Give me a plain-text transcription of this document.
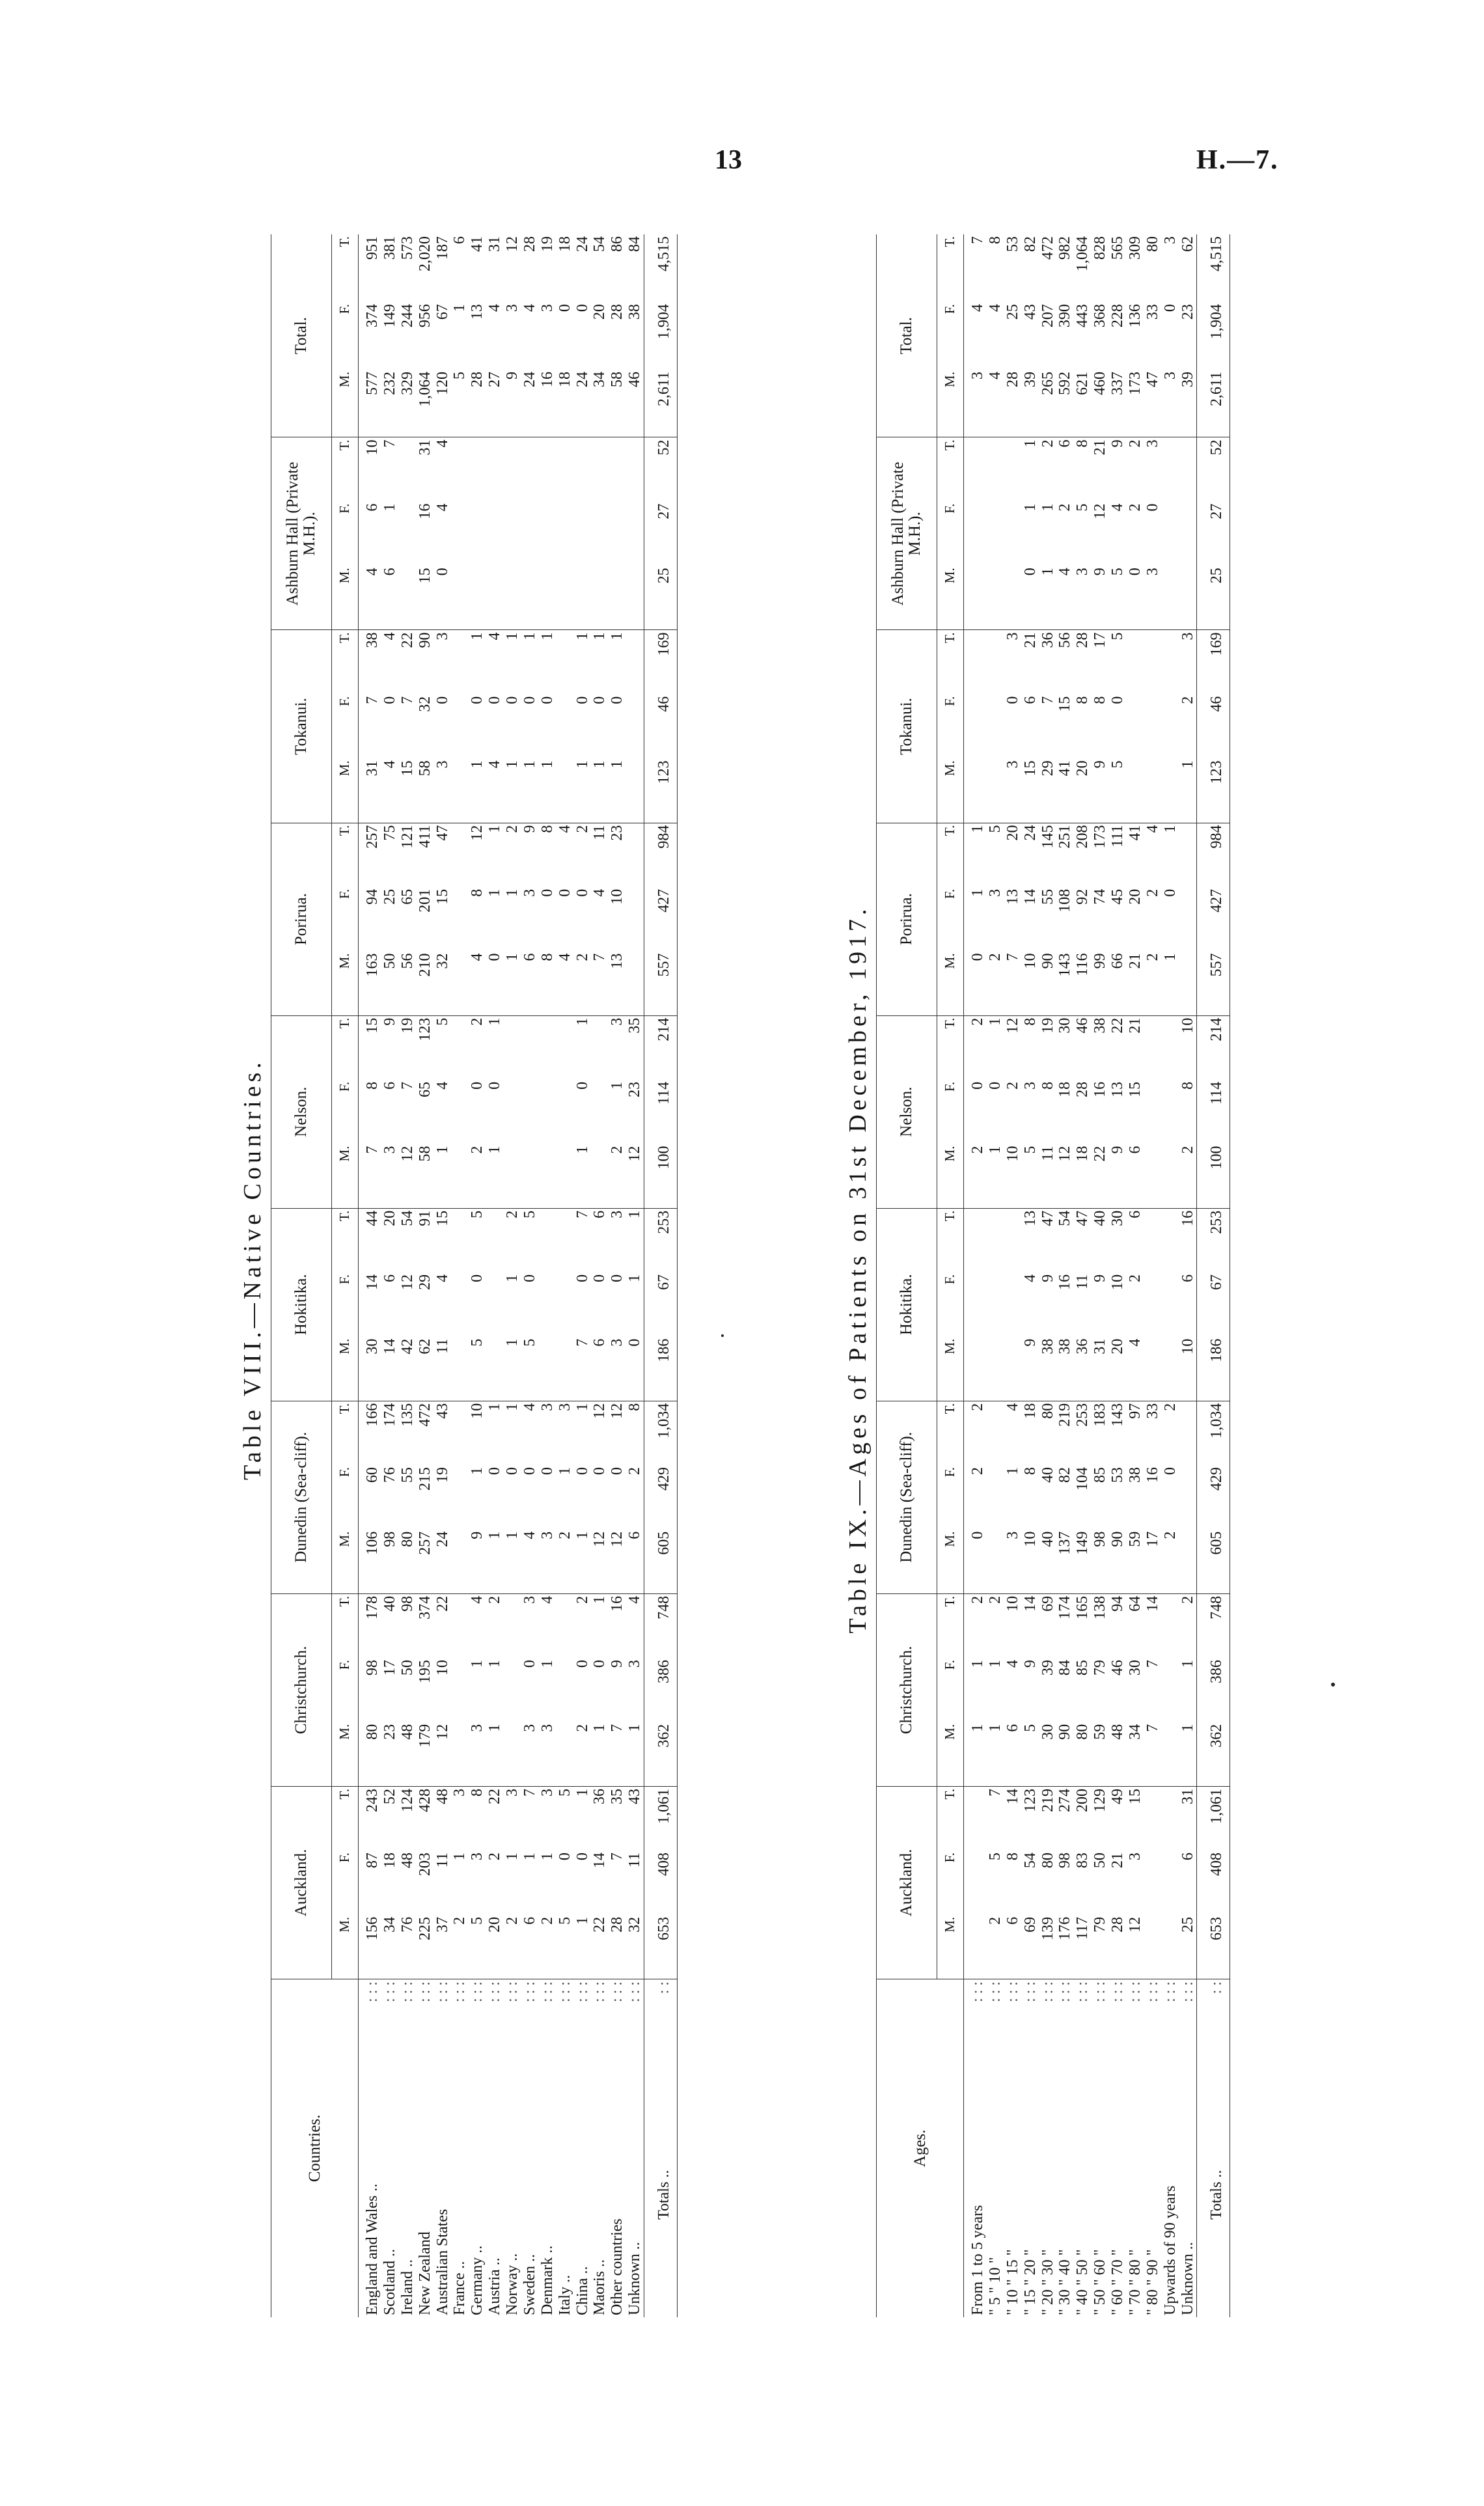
13	H.—7.
Table VIII.—Native Countries.
Countries.		Auckland.			Christchurch.			Dunedin (Sea-cliff).			Hokitika.			Nelson.			Porirua.			Tokanui.			Ashburn Hall (Private M.H.).			Total.		
		M.	F.	T.	M.	F.	T.	M.	F.	T.	M.	F.	T.	M.	F.	T.	M.	F.	T.	M.	F.	T.	M.	F.	T.	M.	F.	T.
England and Wales ..	: : :	156	87	243	80	98	178	106	60	166	30	14	44	7	8	15	163	94	257	31	7	38	4	6	10	577	374	951
Scotland ..	: : :	34	18	52	23	17	40	98	76	174	14	6	20	3	6	9	50	25	75	4	0	4	6	1	7	232	149	381
Ireland ..	: : :	76	48	124	48	50	98	80	55	135	42	12	54	12	7	19	56	65	121	15	7	22				329	244	573
New Zealand	: : :	225	203	428	179	195	374	257	215	472	62	29	91	58	65	123	210	201	411	58	32	90	15	16	31	1,064	956	2,020
Australian States	: : :	37	11	48	12	10	22	24	19	43	11	4	15	1	4	5	32	15	47	3	0	3	0	4	4	120	67	187
France ..	: : :	2	1	3																						5	1	6
Germany ..	: : :	5	3	8	3	1	4	9	1	10	5	0	5	2	0	2	4	8	12	1	0	1				28	13	41
Austria ..	: : :	20	2	22	1	1	2	1	0	1				1	0	1	0	1	1	4	0	4				27	4	31
Norway ..	: : :	2	1	3				1	0	1	1	1	2				1	1	2	1	0	1				9	3	12
Sweden ..	: : :	6	1	7	3	0	3	4	0	4	5	0	5				6	3	9	1	0	1				24	4	28
Denmark ..	: : :	2	1	3	3	1	4	3	0	3							8	0	8	1	0	1				16	3	19
Italy ..	: : :	5	0	5				2	1	3							4	0	4							18	0	18
China ..	: : :	1	0	1	2	0	2	1	0	1	7	0	7	1	0	1	2	0	2	1	0	1				24	0	24
Maoris ..	: : :	22	14	36	1	0	1	12	0	12	6	0	6				7	4	11	1	0	1				34	20	54
Other countries	: : :	28	7	35	7	9	16	12	0	12	3	0	3	2	1	3	13	10	23	1	0	1				58	28	86
Unknown ..	: : :	32	11	43	1	3	4	6	2	8	0	1	1	12	23	35										46	38	84
Totals ..	: :	653	408	1,061	362	386	748	605	429	1,034	186	67	253	100	114	214	557	427	984	123	46	169	25	27	52	2,611	1,904	4,515
Table IX.—Ages of Patients on 31st December, 1917.
Ages.		Auckland.			Christchurch.			Dunedin (Sea-cliff).			Hokitika.			Nelson.			Porirua.			Tokanui.			Ashburn Hall (Private M.H.).			Total.		
		M.	F.	T.	M.	F.	T.	M.	F.	T.	M.	F.	T.	M.	F.	T.	M.	F.	T.	M.	F.	T.	M.	F.	T.	M.	F.	T.
From 1 to 5 years	: : :				1	1	2	0	2	2				2	0	2	0	1	1							3	4	7
" 5 " 10 "	: : :	2	5	7	1	1	2							1	0	1	2	3	5							4	4	8
" 10 " 15 "	: : :	6	8	14	6	4	10	3	1	4				10	2	12	7	13	20	3	0	3				28	25	53
" 15 " 20 "	: : :	69	54	123	5	9	14	10	8	18	9	4	13	5	3	8	10	14	24	15	6	21	0	1	1	39	43	82
" 20 " 30 "	: : :	139	80	219	30	39	69	40	40	80	38	9	47	11	8	19	90	55	145	29	7	36	1	1	2	265	207	472
" 30 " 40 "	: : :	176	98	274	90	84	174	137	82	219	38	16	54	12	18	30	143	108	251	41	15	56	4	2	6	592	390	982
" 40 " 50 "	: : :	117	83	200	80	85	165	149	104	253	36	11	47	18	28	46	116	92	208	20	8	28	3	5	8	621	443	1,064
" 50 " 60 "	: : :	79	50	129	59	79	138	98	85	183	31	9	40	22	16	38	99	74	173	9	8	17	9	12	21	460	368	828
" 60 " 70 "	: : :	28	21	49	48	46	94	90	53	143	20	10	30	9	13	22	66	45	111	5	0	5	5	4	9	337	228	565
" 70 " 80 "	: : :	12	3	15	34	30	64	59	38	97	4	2	6	6	15	21	21	20	41				0	2	2	173	136	309
" 80 " 90 "	: : :				7	7	14	17	16	33							2	2	4				3	0	3	47	33	80
Upwards of 90 years	: : :							2	0	2							1	0	1							3	0	3
Unknown ..	: : :	25	6	31	1	1	2				10	6	16	2	8	10				1	2	3				39	23	62
Totals ..	: :	653	408	1,061	362	386	748	605	429	1,034	186	67	253	100	114	214	557	427	984	123	46	169	25	27	52	2,611	1,904	4,515
